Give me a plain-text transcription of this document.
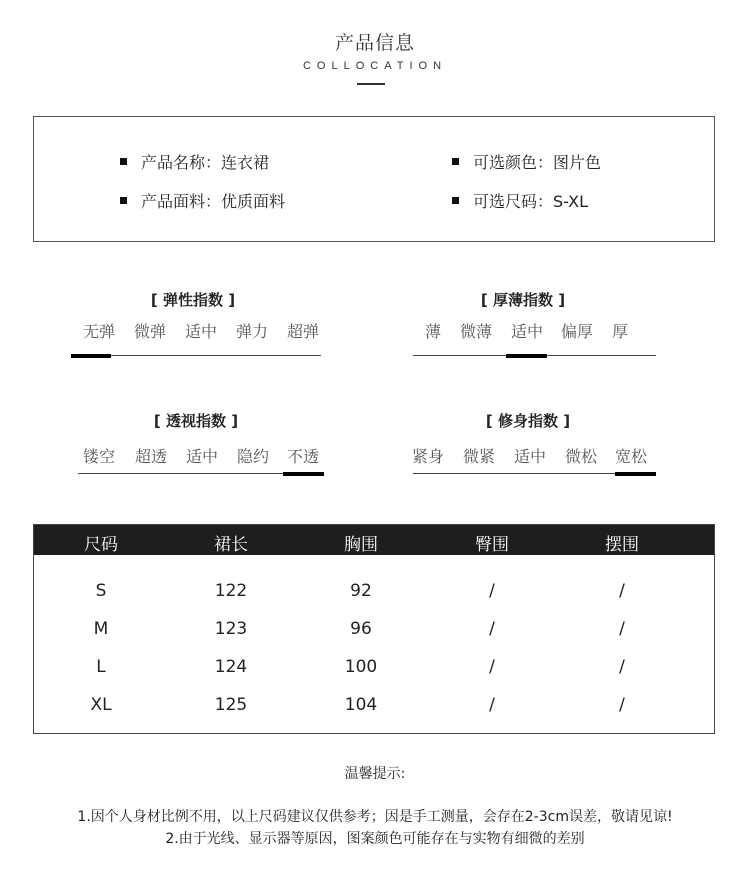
产品信息
COLLOCATION
产品名称：连衣裙
产品面料：优质面料
可选颜色：图片色
可选尺码：S-XL
[ 弹性指数 ]
无弹 微弹 适中 弹力 超弹
[ 厚薄指数 ]
薄 微薄 适中 偏厚 厚
[ 透视指数 ]
镂空 超透 适中 隐约 不透
[ 修身指数 ]
紧身 微紧 适中 微松 宽松
尺码	裙长	胸围	臀围	摆围
S	122	92	/	/
M	123	96	/	/
L	124	100	/	/
XL	125	104	/	/
温馨提示:
1.因个人身材比例不用，以上尺码建议仅供参考；因是手工测量，会存在2-3cm误差，敬请见谅!
2.由于光线、显示器等原因，图案颜色可能存在与实物有细微的差别
